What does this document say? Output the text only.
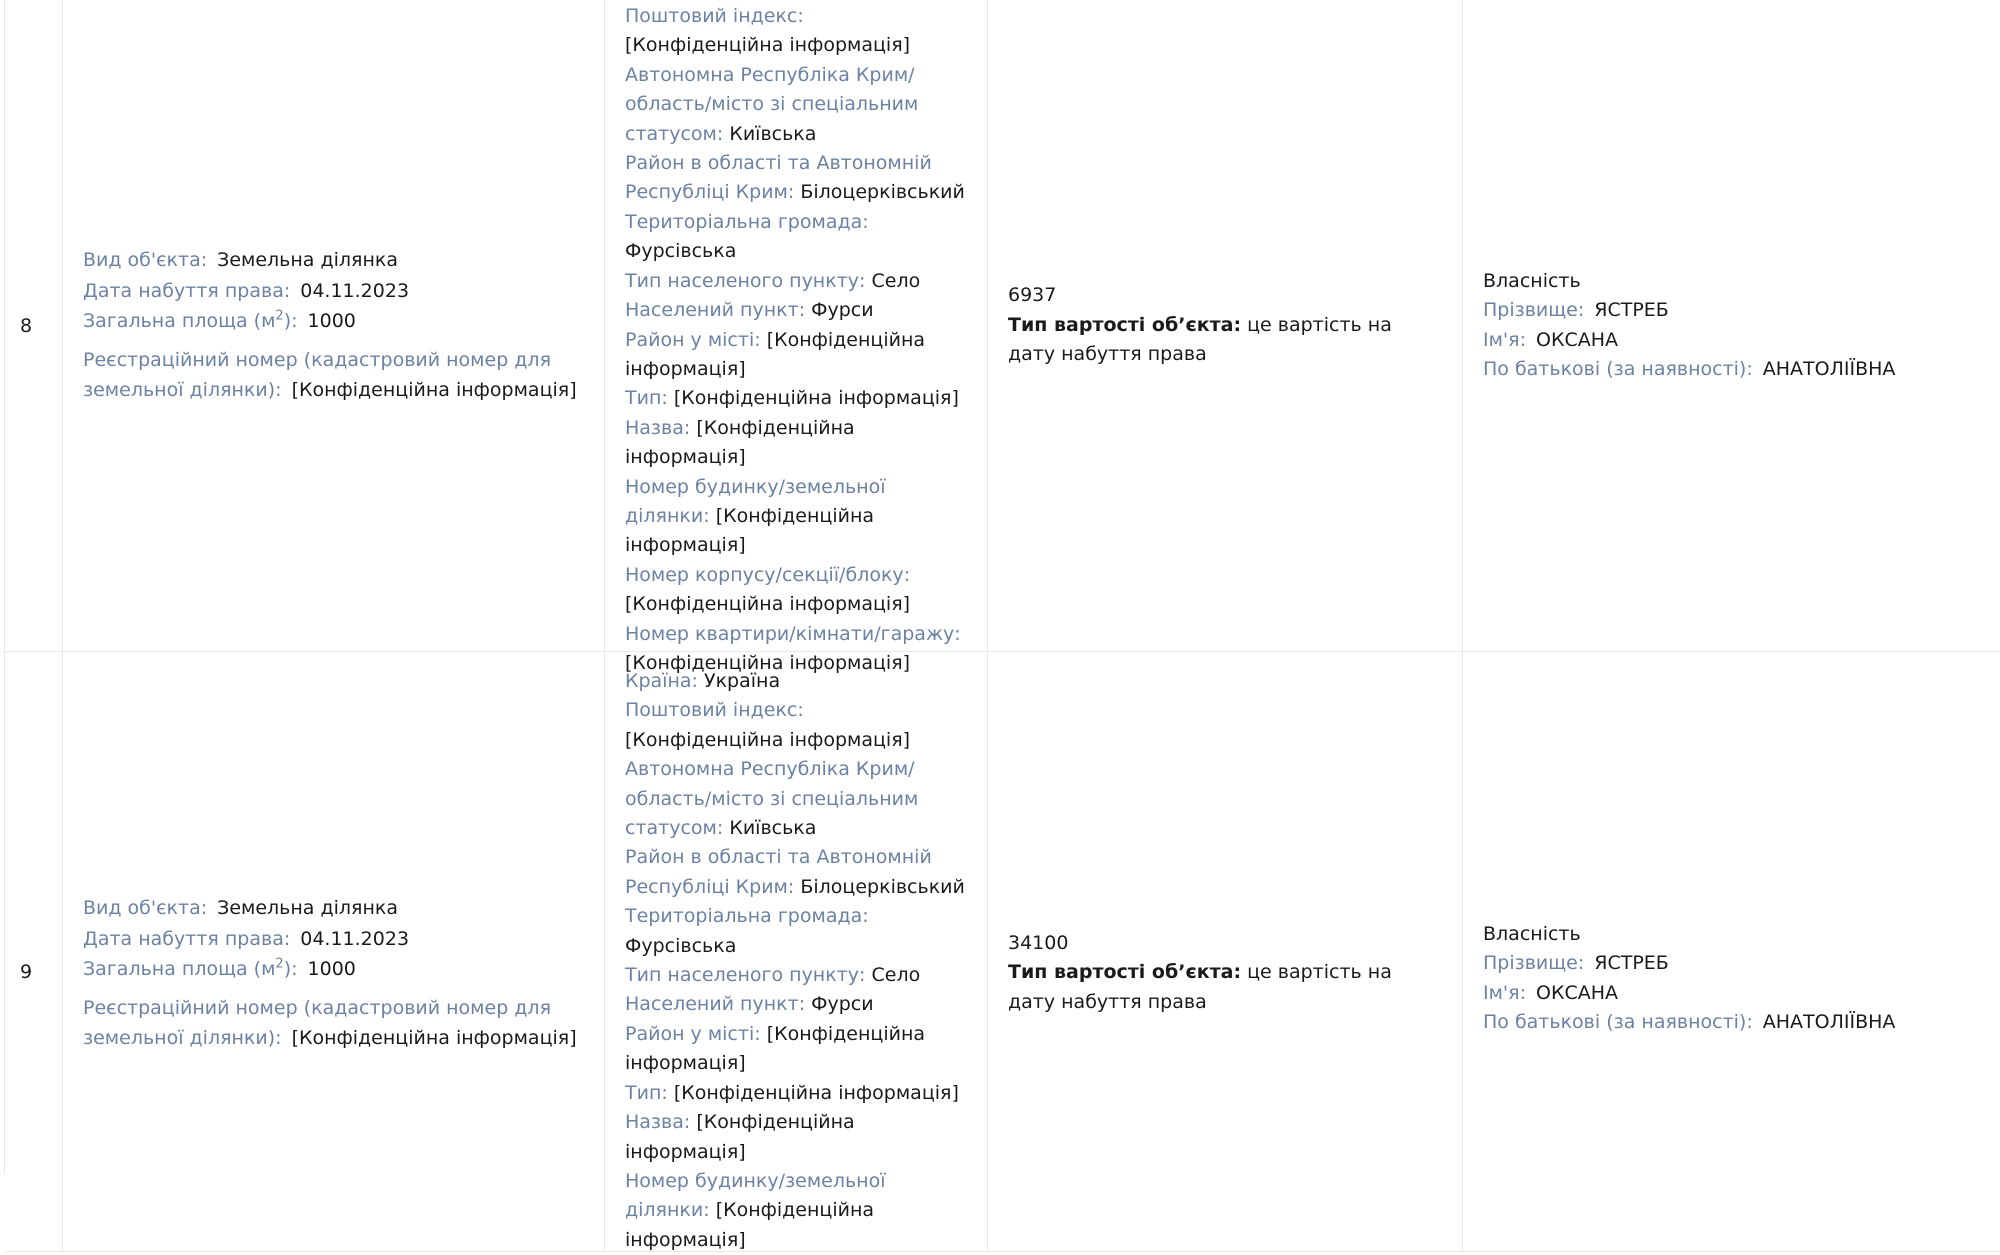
8
Вид об'єкта: Земельна ділянка
Дата набуття права: 04.11.2023
Загальна площа $(м^2)$: 1000
Реєстраційний номер (кадастровий номер для земельної ділянки): [Конфіденційна інформація]
Поштовий індекс: [Конфіденційна інформація]
Автономна Республіка Крим/ область/місто зі спеціальним статусом: Київська
Район в області та Автономній Республіці Крим: Білоцерківський
Територіальна громада: Фурсівська
Тип населеного пункту: Село
Населений пункт: Фурси
Район у місті: [Конфіденційна інформація]
Тип: [Конфіденційна інформація]
Назва: [Конфіденційна інформація]
Номер будинку/земельної ділянки: [Конфіденційна інформація]
Номер корпусу/секції/блоку: [Конфіденційна інформація]
Номер квартири/кімнати/гаражу: [Конфіденційна інформація]
6937
Тип вартості об’єкта: це вартість на дату набуття права
Власність
Прізвище: ЯСТРЕБ
Ім'я: ОКСАНА
По батькові (за наявності): АНАТОЛІЇВНА
9
Вид об'єкта: Земельна ділянка
Дата набуття права: 04.11.2023
Загальна площа $(м^2)$: 1000
Реєстраційний номер (кадастровий номер для земельної ділянки): [Конфіденційна інформація]
Країна: Україна
Поштовий індекс: [Конфіденційна інформація]
Автономна Республіка Крим/ область/місто зі спеціальним статусом: Київська
Район в області та Автономній Республіці Крим: Білоцерківський
Територіальна громада: Фурсівська
Тип населеного пункту: Село
Населений пункт: Фурси
Район у місті: [Конфіденційна інформація]
Тип: [Конфіденційна інформація]
Назва: [Конфіденційна інформація]
Номер будинку/земельної ділянки: [Конфіденційна інформація]
34100
Тип вартості об’єкта: це вартість на дату набуття права
Власність
Прізвище: ЯСТРЕБ
Ім'я: ОКСАНА
По батькові (за наявності): АНАТОЛІЇВНА
